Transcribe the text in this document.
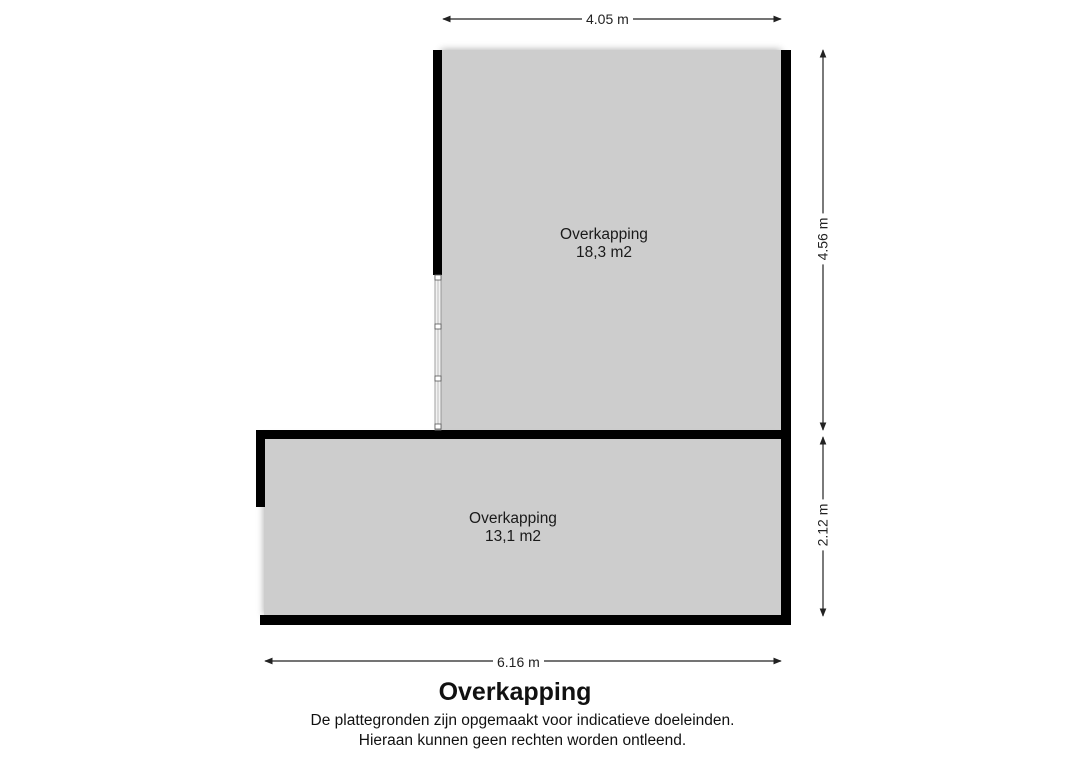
Overkapping
18,3 m2
Overkapping
13,1 m2
4.05 m
6.16 m
4.56 m
2.12 m
Overkapping
De plattegronden zijn opgemaakt voor indicatieve doeleinden.
Hieraan kunnen geen rechten worden ontleend.
